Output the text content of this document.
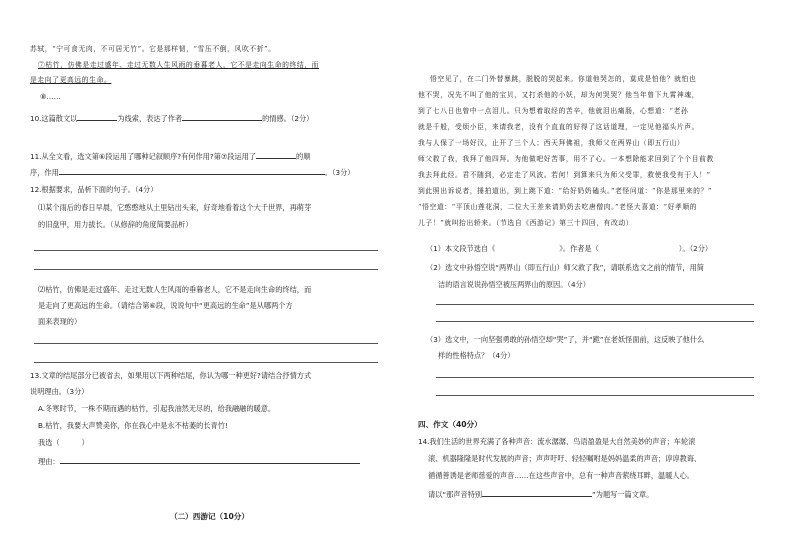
苏轼，“宁可食无肉，不可居无竹”。它是那样韧，“雪压不倒，风吹不折”。
⑦枯竹，仿佛是走过盛年、走过无数人生风雨的垂暮老人，它不是走向生命的终结，而
是走向了更高远的生命。
⑧……
10.这篇散文以	为线索，表达了作者	的情感。（2分）
11.从全文看，选文第⑥段运用了哪种记叙顺序?有何作用?第⑦段运用了	的顺
序，作用	。（3分）
12.根据要求，品析下面的句子。（4分）
⑴某个雨后的春日早晨，它憨憨地从土里钻出头来，好奇地看着这个大千世界，再萌芽
的旧盘甲，用力拔长。（从修辞的角度简要品析）
⑵枯竹，仿佛是走过盛年、走过无数人生风雨的垂暮老人，它不是走向生命的终结，而
是走向了更高远的生命。（请结合第⑥段，说说句中“更高远的生命”是从哪两个方
面来表现的）
13.文章的结尾部分已被省去，如果用以下两种结尾，你认为哪一种更好?请结合抒情方式
说明理由。（3分）
A.冬寒时节，一株不期而遇的枯竹，引起我油然无尽的，给我融融的暖意。
B.枯竹，我要大声赞美你，你在我心中是永不枯萎的长青竹!
我选（	）
理由：
（二）西游记（10分）
悟空见了，在二门外替暴跳，脱脱的哭起来。你道他哭怎的，莫成是怕他？就怕也
他不哭，况先不叫了他的宝贝，又打杀他的小妖，却为何哭哭？他当年曾下九霄神魂，
到了七八日也曾中一点泪儿。只为想着取经的苦辛，他就泪出痛肠，心想道：“老孙
就是千般，受烦小臣，来请我老，没有个直直的好得了这话道理，一定见他福头片声。
我与人保了一场好汉，止开了三个人；西天拜佛祖，我师父在两界山（即五行山）
师父救了我，我拜了他四拜。为他做吧好苦事，用不了心。一本想除能求回到了个个目前教
我去拜此经。君不随到，必定走了风波。若何！到算来只为师父受罪，救使我受有于人！”
到此照出诉说者，捶拍道出，到上跳下道：“给好奶奶磕头。”老怪问道：“你是那里来的？”
“悟空道：“平顶山莲花洞，二位大王差来请奶奶去吃唐僧肉。”老怪大喜道：“好孝顺的
儿子！”就叫抬出轿来。（节选自《西游记》第三十四回，有改动）
（1）本文段节选自《	》。作者是（	）。（2分）
（2）选文中孙悟空说“两界山（即五行山）师父救了我”，请联系选文之前的情节，用简
洁的语言说说孙悟空被压两界山的原因。（4分）
（3）选文中，一向坚强勇敢的孙悟空却“哭”了，并“跪”在老妖怪面前，这反映了他什么
样的性格特点？（4分）
四、作文（40分）
14.我们生活的世界充满了各种声音：流水潺潺、鸟语盈盈是大自然美妙的声音；车轮滚
滚、机器隆隆是时代发展的声音；声声吁吁、轻轻嘱咐是妈妈温柔的声音；谆谆教诲、
循循善诱是老师慈爱的声音……在这些声音中，总有一种声音萦绕耳畔，温暖人心。
请以“那声音特别	”为题写一篇文章。
